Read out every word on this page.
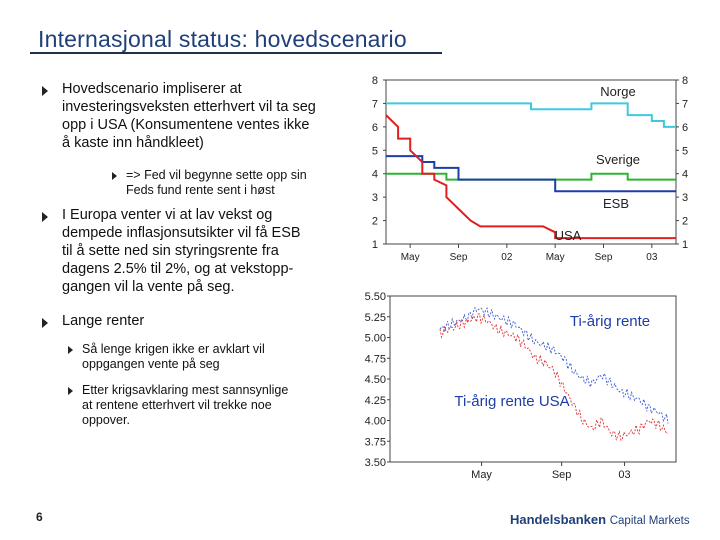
Internasjonal status: hovedscenario
Hovedscenario impliserer at
investeringsveksten etterhvert vil ta seg
opp i USA (Konsumentene ventes ikke
å kaste inn håndkleet)
=> Fed vil begynne sette opp sin
Feds fund rente sent i høst
I Europa venter vi at lav vekst og
dempede inflasjonsutsikter vil få ESB
til å sette ned sin styringsrente fra
dagens 2.5% til 2%, og at vekstopp-
gangen vil la vente på seg.
Lange renter
Så lenge krigen ikke er avklart vil
oppgangen vente på seg
Etter krigsavklaring mest sannsynlige
at rentene etterhvert vil trekke noe
oppover.
1	1
2	2
3	3
4	4
5	5
6	6
7	7
8	8
May	Sep	02	May	Sep	03
Norge
Sverige
ESB
USA
5.50
5.25
5.00
4.75
4.50
4.25
4.00
3.75
3.50
May	Sep	03
Ti-årig rente
Ti-årig rente USA
6	Handelsbanken Capital Markets
